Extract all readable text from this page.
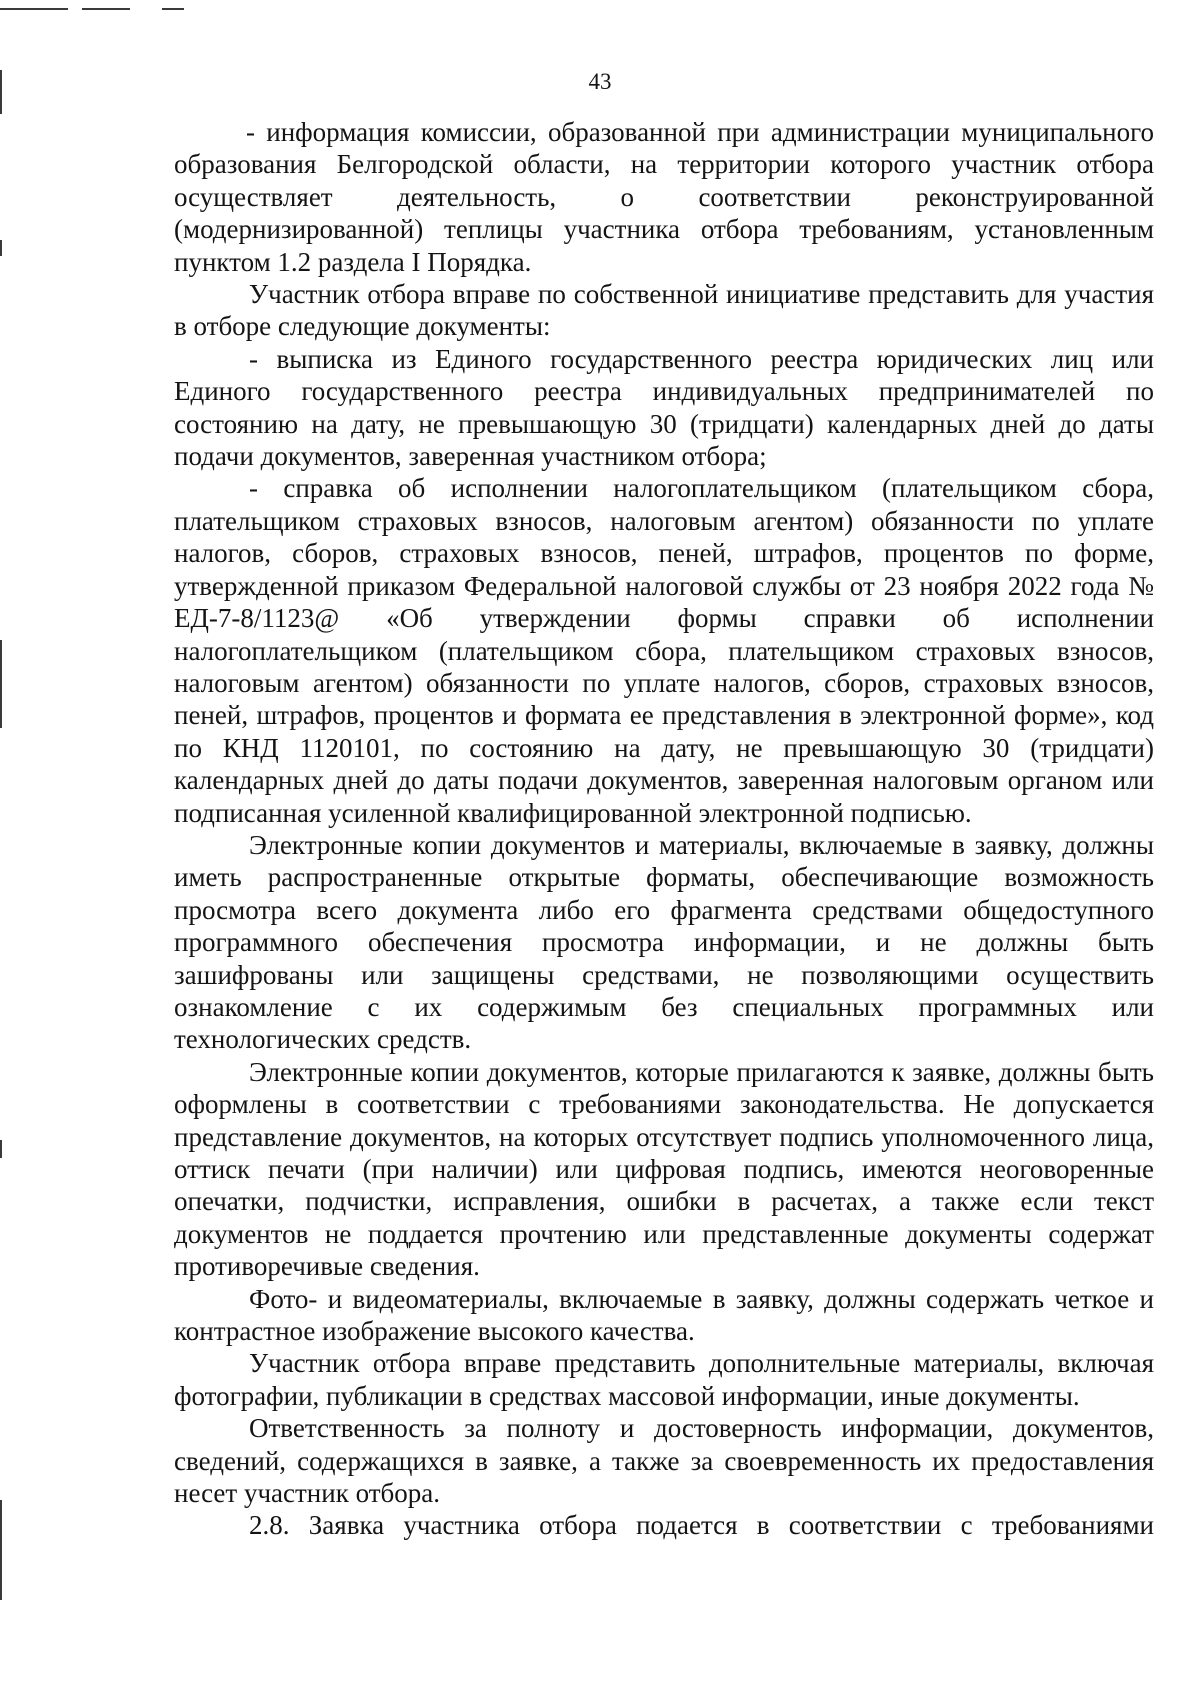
43

- информация комиссии, образованной при администрации муниципального образования Белгородской области, на территории которого участник отбора осуществляет деятельность, о соответствии реконструированной (модернизированной) теплицы участника отбора требованиям, установленным пунктом 1.2 раздела I Порядка.

Участник отбора вправе по собственной инициативе представить для участия в отборе следующие документы:

- выписка из Единого государственного реестра юридических лиц или Единого государственного реестра индивидуальных предпринимателей по состоянию на дату, не превышающую 30 (тридцати) календарных дней до даты подачи документов, заверенная участником отбора;

- справка об исполнении налогоплательщиком (плательщиком сбора, плательщиком страховых взносов, налоговым агентом) обязанности по уплате налогов, сборов, страховых взносов, пеней, штрафов, процентов по форме, утвержденной приказом Федеральной налоговой службы от 23 ноября 2022 года № ЕД-7-8/1123@ «Об утверждении формы справки об исполнении налогоплательщиком (плательщиком сбора, плательщиком страховых взносов, налоговым агентом) обязанности по уплате налогов, сборов, страховых взносов, пеней, штрафов, процентов и формата ее представления в электронной форме», код по КНД 1120101, по состоянию на дату, не превышающую 30 (тридцати) календарных дней до даты подачи документов, заверенная налоговым органом или подписанная усиленной квалифицированной электронной подписью.

Электронные копии документов и материалы, включаемые в заявку, должны иметь распространенные открытые форматы, обеспечивающие возможность просмотра всего документа либо его фрагмента средствами общедоступного программного обеспечения просмотра информации, и не должны быть зашифрованы или защищены средствами, не позволяющими осуществить ознакомление с их содержимым без специальных программных или технологических средств.

Электронные копии документов, которые прилагаются к заявке, должны быть оформлены в соответствии с требованиями законодательства. Не допускается представление документов, на которых отсутствует подпись уполномоченного лица, оттиск печати (при наличии) или цифровая подпись, имеются неоговоренные опечатки, подчистки, исправления, ошибки в расчетах, а также если текст документов не поддается прочтению или представленные документы содержат противоречивые сведения.

Фото- и видеоматериалы, включаемые в заявку, должны содержать четкое и контрастное изображение высокого качества.

Участник отбора вправе представить дополнительные материалы, включая фотографии, публикации в средствах массовой информации, иные документы.

Ответственность за полноту и достоверность информации, документов, сведений, содержащихся в заявке, а также за своевременность их предоставления несет участник отбора.

2.8. Заявка участника отбора подается в соответствии с требованиями
